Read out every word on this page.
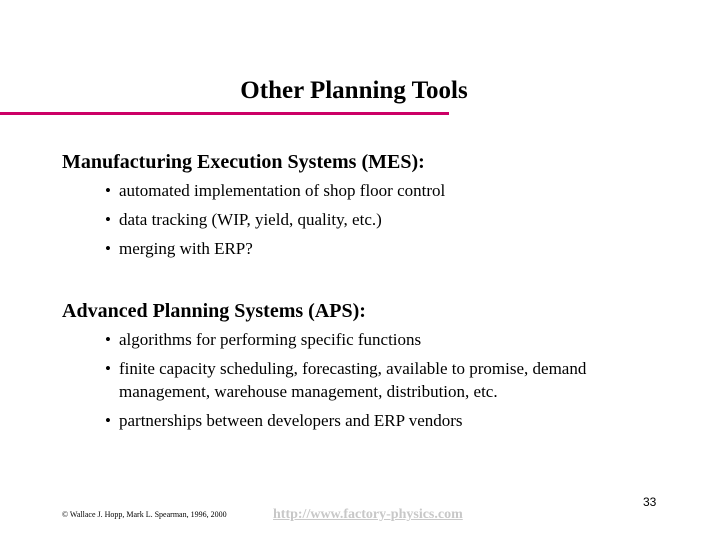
Other Planning Tools
Manufacturing Execution Systems (MES):
• automated implementation of shop floor control
• data tracking (WIP, yield, quality, etc.)
• merging with ERP?
Advanced Planning Systems (APS):
• algorithms for performing specific functions
• finite capacity scheduling, forecasting, available to promise, demand management, warehouse management, distribution, etc.
• partnerships between developers and ERP vendors
© Wallace J. Hopp, Mark L. Spearman, 1996, 2000	http://www.factory-physics.com
33
